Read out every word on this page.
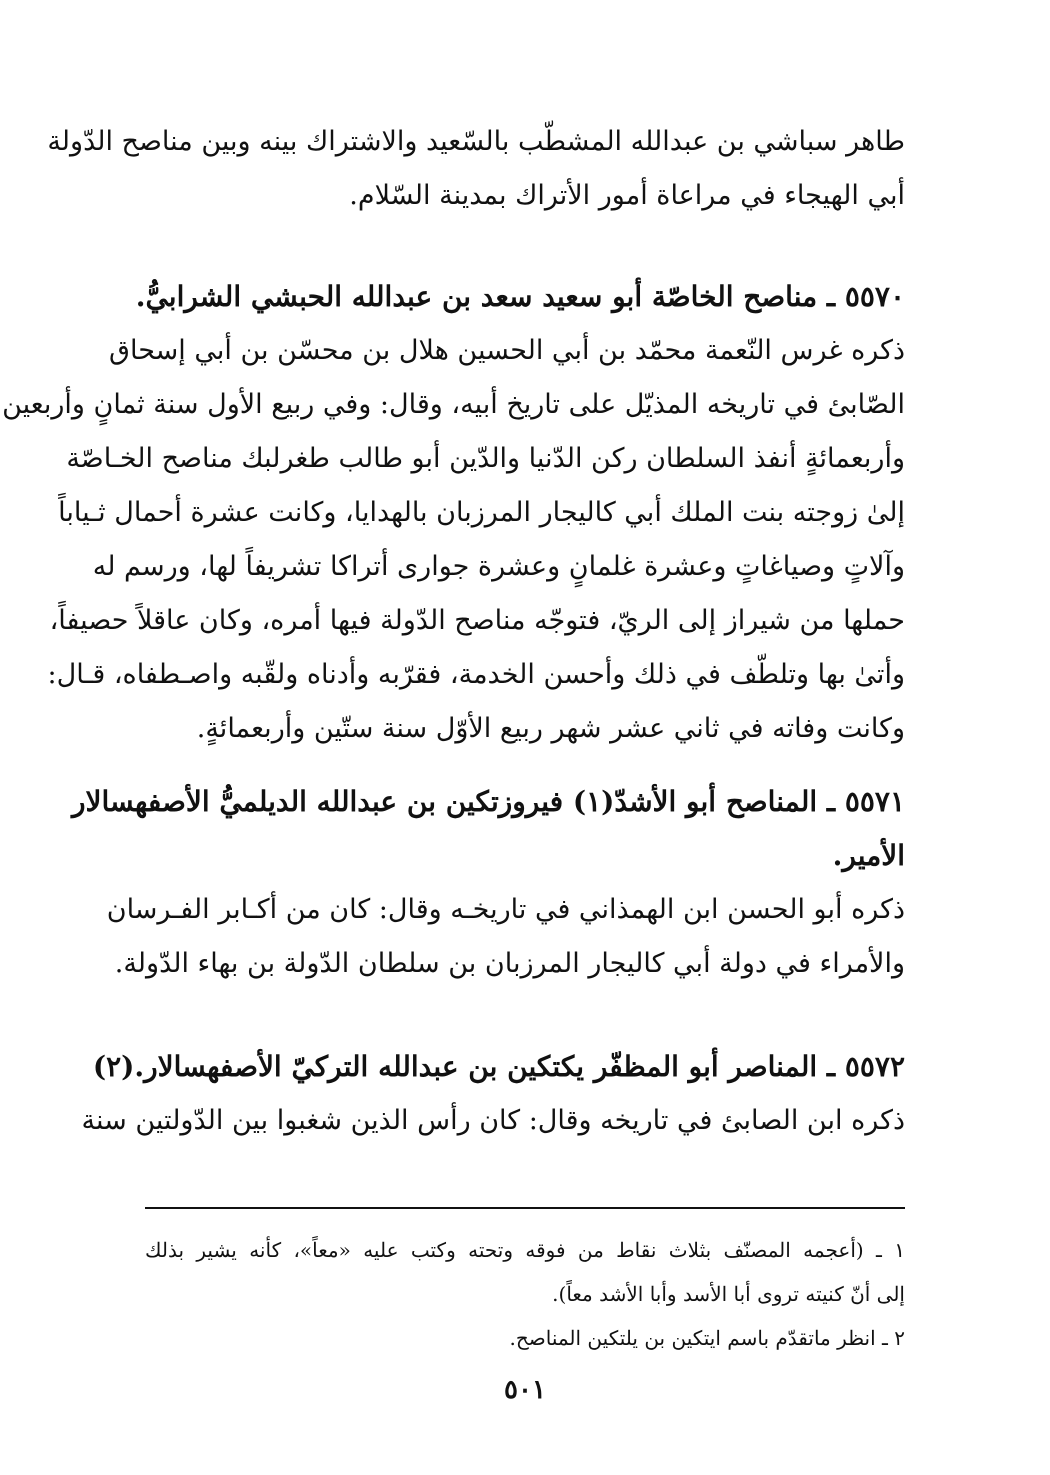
طاهر سباشي بن عبدالله المشطّب بالسّعيد والاشتراك بينه وبين مناصح الدّولة
أبي الهيجاء في مراعاة أمور الأتراك بمدينة السّلام.
٥٥٧٠ ـ مناصح الخاصّة أبو سعيد سعد بن عبدالله الحبشي الشرابيُّ.
ذكره غرس النّعمة محمّد بن أبي الحسين هلال بن محسّن بن أبي إسحاق
الصّابئ في تاريخه المذيّل على تاريخ أبيه، وقال: وفي ربيع الأول سنة ثمانٍ وأربعين
وأربعمائةٍ أنفذ السلطان ركن الدّنيا والدّين أبو طالب طغرلبك مناصح الخـاصّة
إلىٰ زوجته بنت الملك أبي كاليجار المرزبان بالهدايا، وكانت عشرة أحمال ثـياباً
وآلاتٍ وصياغاتٍ وعشرة غلمانٍ وعشرة جوارى أتراكا تشريفاً لها، ورسم له
حملها من شيراز إلى الريّ، فتوجّه مناصح الدّولة فيها أمره، وكان عاقلاً حصيفاً،
وأتىٰ بها وتلطّف في ذلك وأحسن الخدمة، فقرّبه وأدناه ولقّبه واصـطفاه، قـال:
وكانت وفاته في ثاني عشر شهر ربيع الأوّل سنة ستّين وأربعمائةٍ.
٥٥٧١ ـ المناصح أبو الأشدّ(١) فيروزتكين بن عبدالله الديلميُّ الأصفهسالار
الأمير.
ذكره أبو الحسن ابن الهمذاني في تاريخـه وقال: كان من أكـابر الفـرسان
والأمراء في دولة أبي كاليجار المرزبان بن سلطان الدّولة بن بهاء الدّولة.
٥٥٧٢ ـ المناصر أبو المظفّر يكتكين بن عبدالله التركيّ الأصفهسالار.(٢)
ذكره ابن الصابئ في تاريخه وقال: كان رأس الذين شغبوا بين الدّولتين سنة
١ ـ (أعجمه المصنّف بثلاث نقاط من فوقه وتحته وكتب عليه «معاً»، كأنه يشير بذلك
إلى أنّ كنيته تروى أبا الأسد وأبا الأشد معاً).
٢ ـ انظر ماتقدّم باسم ايتكين بن يلتكين المناصح.
٥٠١
